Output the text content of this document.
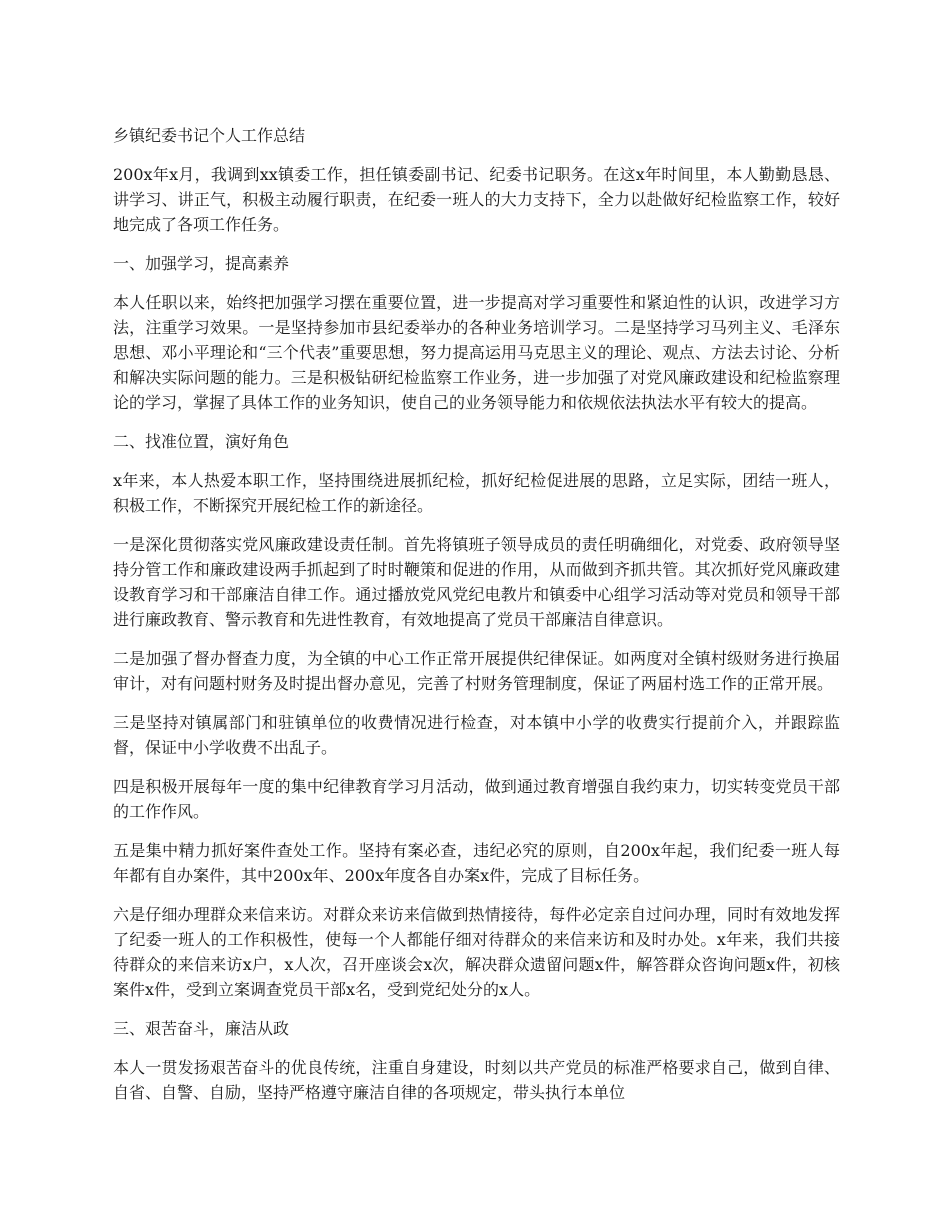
乡镇纪委书记个人工作总结

200x年x月，我调到xx镇委工作，担任镇委副书记、纪委书记职务。在这x年时间里，本人勤勤恳恳、讲学习、讲正气，积极主动履行职责，在纪委一班人的大力支持下，全力以赴做好纪检监察工作，较好地完成了各项工作任务。

一、加强学习，提高素养

本人任职以来，始终把加强学习摆在重要位置，进一步提高对学习重要性和紧迫性的认识，改进学习方法，注重学习效果。一是坚持参加市县纪委举办的各种业务培训学习。二是坚持学习马列主义、毛泽东思想、邓小平理论和“三个代表”重要思想，努力提高运用马克思主义的理论、观点、方法去讨论、分析和解决实际问题的能力。三是积极钻研纪检监察工作业务，进一步加强了对党风廉政建设和纪检监察理论的学习，掌握了具体工作的业务知识，使自己的业务领导能力和依规依法执法水平有较大的提高。

二、找准位置，演好角色

x年来，本人热爱本职工作，坚持围绕进展抓纪检，抓好纪检促进展的思路，立足实际，团结一班人，积极工作，不断探究开展纪检工作的新途径。

一是深化贯彻落实党风廉政建设责任制。首先将镇班子领导成员的责任明确细化，对党委、政府领导坚持分管工作和廉政建设两手抓起到了时时鞭策和促进的作用，从而做到齐抓共管。其次抓好党风廉政建设教育学习和干部廉洁自律工作。通过播放党风党纪电教片和镇委中心组学习活动等对党员和领导干部进行廉政教育、警示教育和先进性教育，有效地提高了党员干部廉洁自律意识。

二是加强了督办督查力度，为全镇的中心工作正常开展提供纪律保证。如两度对全镇村级财务进行换届审计，对有问题村财务及时提出督办意见，完善了村财务管理制度，保证了两届村选工作的正常开展。

三是坚持对镇属部门和驻镇单位的收费情况进行检查，对本镇中小学的收费实行提前介入，并跟踪监督，保证中小学收费不出乱子。

四是积极开展每年一度的集中纪律教育学习月活动，做到通过教育增强自我约束力，切实转变党员干部的工作作风。

五是集中精力抓好案件查处工作。坚持有案必查，违纪必究的原则，自200x年起，我们纪委一班人每年都有自办案件，其中200x年、200x年度各自办案x件，完成了目标任务。

六是仔细办理群众来信来访。对群众来访来信做到热情接待，每件必定亲自过问办理，同时有效地发挥了纪委一班人的工作积极性，使每一个人都能仔细对待群众的来信来访和及时办处。x年来，我们共接待群众的来信来访x户，x人次，召开座谈会x次，解决群众遗留问题x件，解答群众咨询问题x件，初核案件x件，受到立案调查党员干部x名，受到党纪处分的x人。

三、艰苦奋斗，廉洁从政

本人一贯发扬艰苦奋斗的优良传统，注重自身建设，时刻以共产党员的标准严格要求自己，做到自律、自省、自警、自励，坚持严格遵守廉洁自律的各项规定，带头执行本单位
